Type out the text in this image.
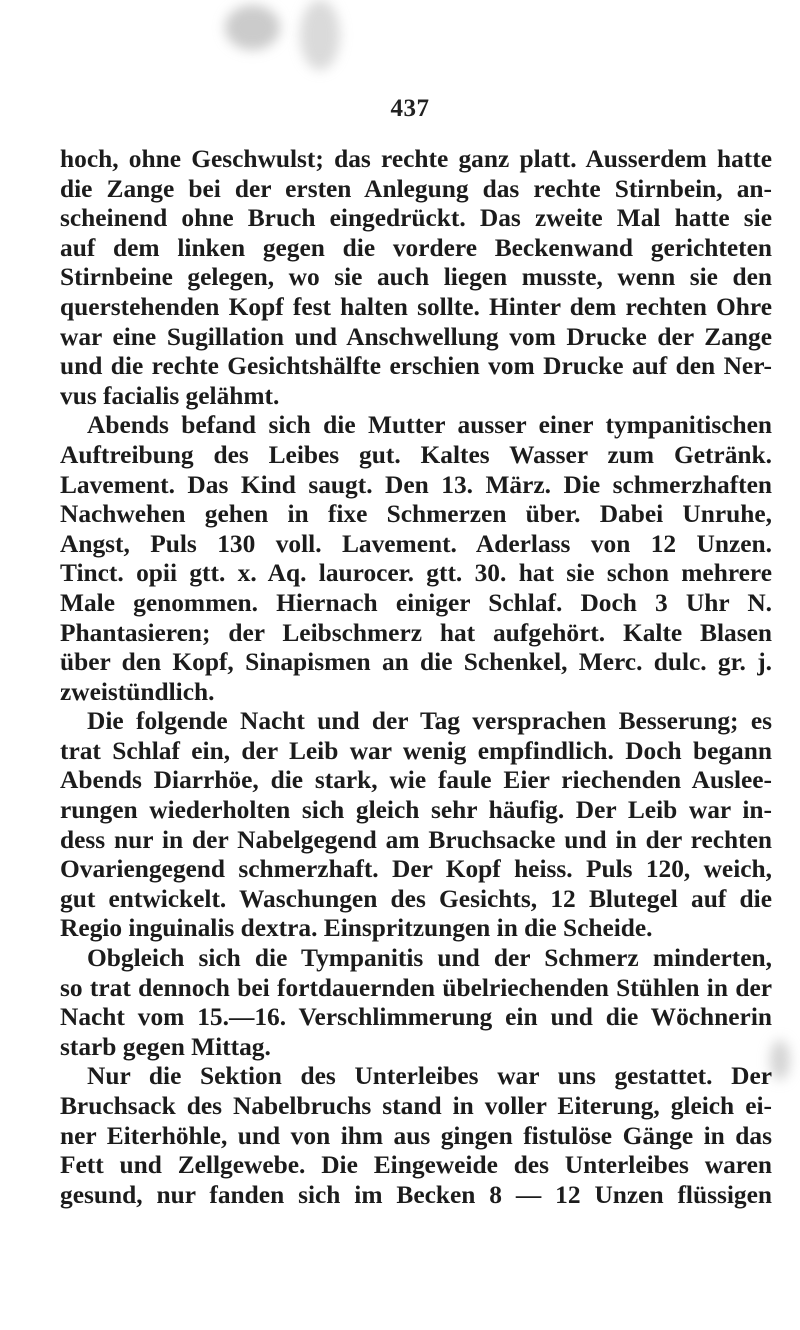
437
hoch, ohne Geschwulst; das rechte ganz platt. Ausserdem hatte
die Zange bei der ersten Anlegung das rechte Stirnbein, an-
scheinend ohne Bruch eingedrückt. Das zweite Mal hatte sie
auf dem linken gegen die vordere Beckenwand gerichteten
Stirnbeine gelegen, wo sie auch liegen musste, wenn sie den
querstehenden Kopf fest halten sollte. Hinter dem rechten Ohre
war eine Sugillation und Anschwellung vom Drucke der Zange
und die rechte Gesichtshälfte erschien vom Drucke auf den Ner-
vus facialis gelähmt.
Abends befand sich die Mutter ausser einer tympanitischen
Auftreibung des Leibes gut. Kaltes Wasser zum Getränk.
Lavement. Das Kind saugt. Den 13. März. Die schmerzhaften
Nachwehen gehen in fixe Schmerzen über. Dabei Unruhe,
Angst, Puls 130 voll. Lavement. Aderlass von 12 Unzen.
Tinct. opii gtt. x. Aq. laurocer. gtt. 30. hat sie schon mehrere
Male genommen. Hiernach einiger Schlaf. Doch 3 Uhr N.
Phantasieren; der Leibschmerz hat aufgehört. Kalte Blasen
über den Kopf, Sinapismen an die Schenkel, Merc. dulc. gr. j.
zweistündlich.
Die folgende Nacht und der Tag versprachen Besserung; es
trat Schlaf ein, der Leib war wenig empfindlich. Doch begann
Abends Diarrhöe, die stark, wie faule Eier riechenden Auslee-
rungen wiederholten sich gleich sehr häufig. Der Leib war in-
dess nur in der Nabelgegend am Bruchsacke und in der rechten
Ovariengegend schmerzhaft. Der Kopf heiss. Puls 120, weich,
gut entwickelt. Waschungen des Gesichts, 12 Blutegel auf die
Regio inguinalis dextra. Einspritzungen in die Scheide.
Obgleich sich die Tympanitis und der Schmerz minderten,
so trat dennoch bei fortdauernden übelriechenden Stühlen in der
Nacht vom 15.—16. Verschlimmerung ein und die Wöchnerin
starb gegen Mittag.
Nur die Sektion des Unterleibes war uns gestattet. Der
Bruchsack des Nabelbruchs stand in voller Eiterung, gleich ei-
ner Eiterhöhle, und von ihm aus gingen fistulöse Gänge in das
Fett und Zellgewebe. Die Eingeweide des Unterleibes waren
gesund, nur fanden sich im Becken 8 — 12 Unzen flüssigen
